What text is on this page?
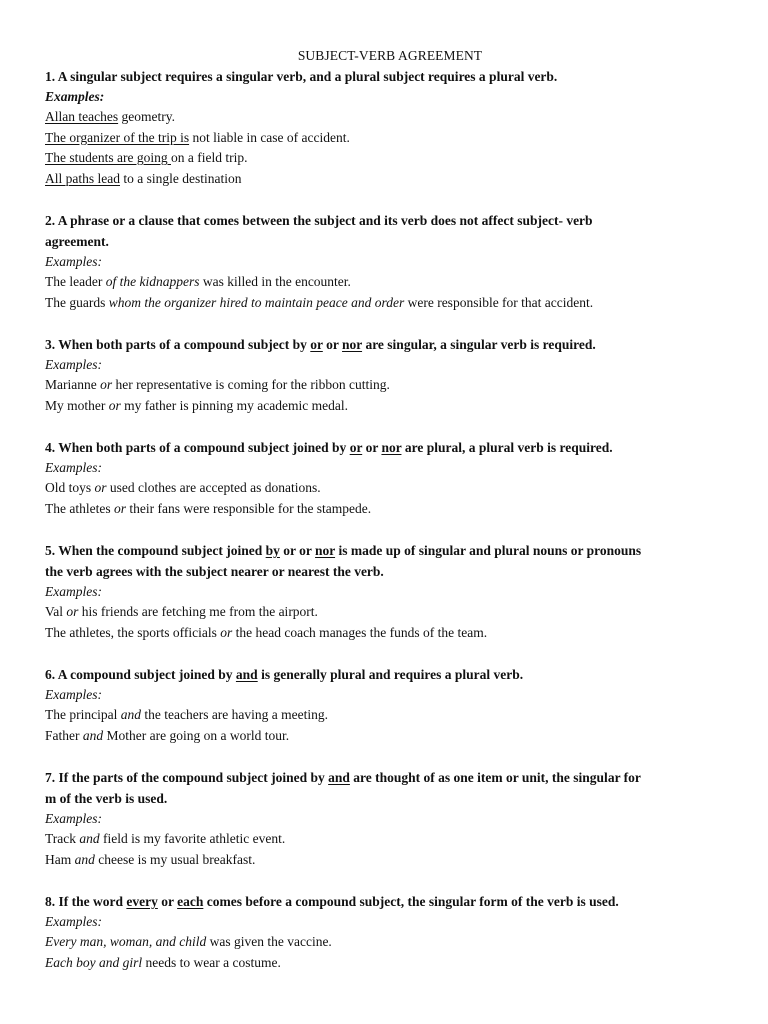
SUBJECT-VERB AGREEMENT

1. A singular subject requires a singular verb, and a plural subject requires a plural verb.

Examples:

Allan teaches geometry.

The organizer of the trip is not liable in case of accident.

The students are going on a field trip.

All paths lead to a single destination

2. A phrase or a clause that comes between the subject and its verb does not affect subject- verb

agreement.

Examples:

The leader of the kidnappers was killed in the encounter.

The guards whom the organizer hired to maintain peace and order were responsible for that accident.

3. When both parts of a compound subject by or or nor are singular, a singular verb is required.

Examples:

Marianne or her representative is coming for the ribbon cutting.

My mother or my father is pinning my academic medal.

4. When both parts of a compound subject joined by or or nor are plural, a plural verb is required.

Examples:

Old toys or used clothes are accepted as donations.

The athletes or their fans were responsible for the stampede.

5. When the compound subject joined by or or nor is made up of singular and plural nouns or pronouns

the verb agrees with the subject nearer or nearest the verb.

Examples:

Val or his friends are fetching me from the airport.

The athletes, the sports officials or the head coach manages the funds of the team.

6. A compound subject joined by and is generally plural and requires a plural verb.

Examples:

The principal and the teachers are having a meeting.

Father and Mother are going on a world tour.

7. If the parts of the compound subject joined by and are thought of as one item or unit, the singular for

m of the verb is used.

Examples:

Track and field is my favorite athletic event.

Ham and cheese is my usual breakfast.

8. If the word every or each comes before a compound subject, the singular form of the verb is used.

Examples:

Every man, woman, and child was given the vaccine.

Each boy and girl needs to wear a costume.
